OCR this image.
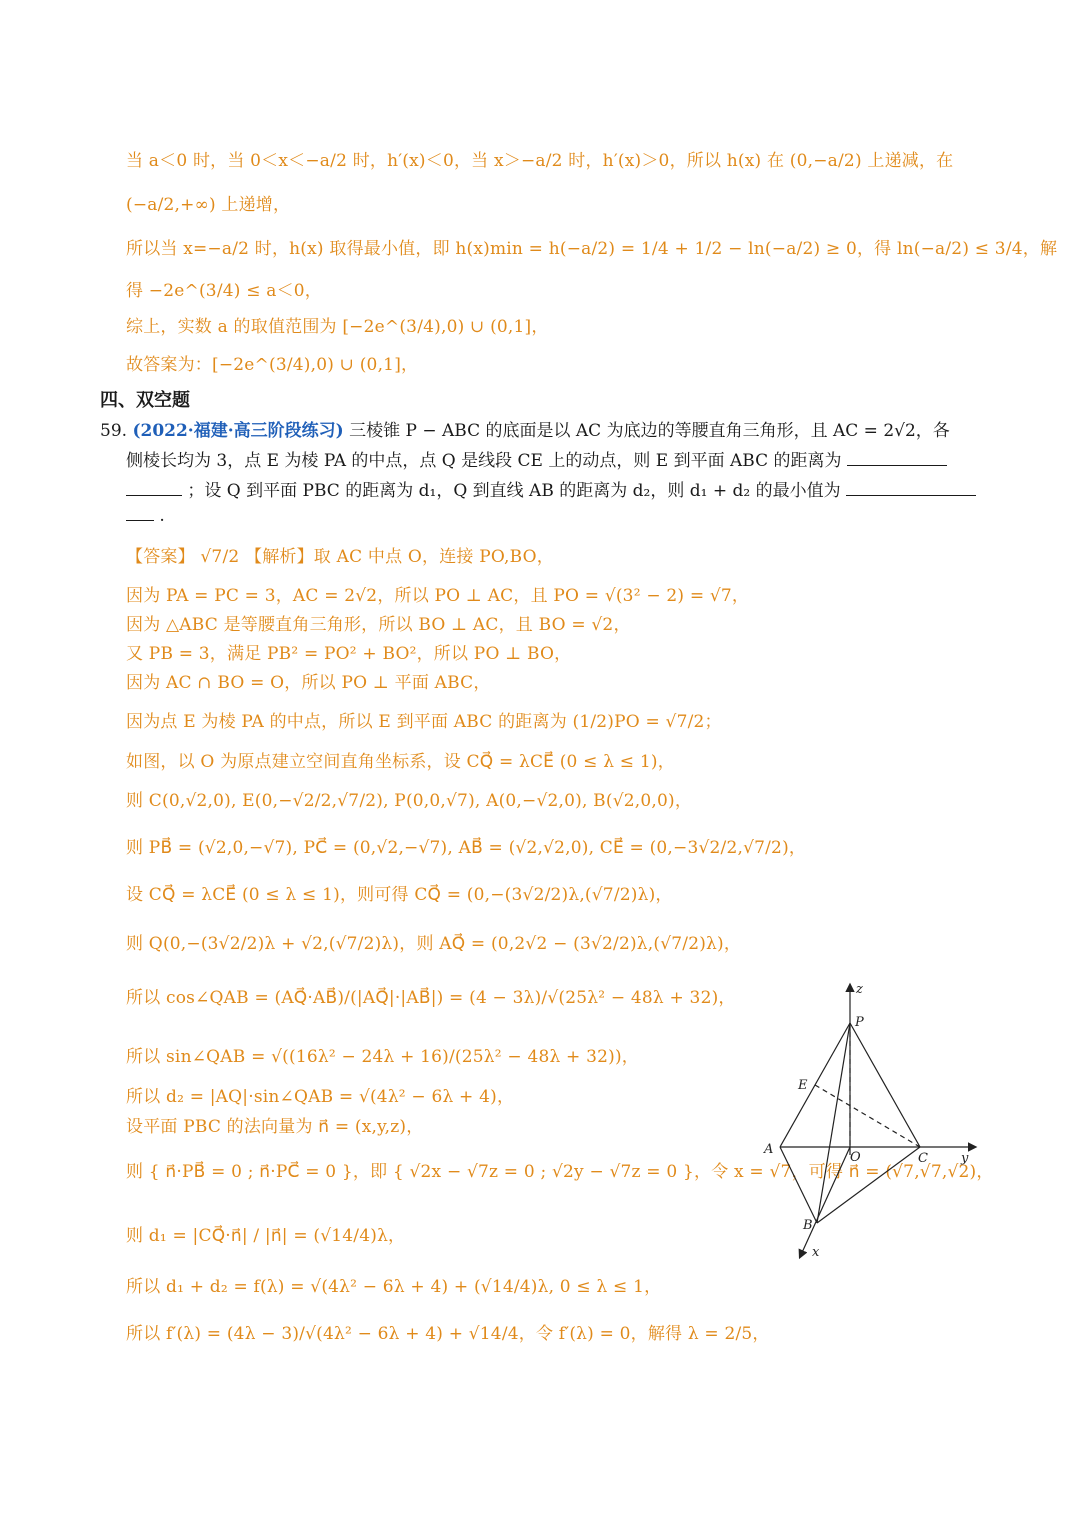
当 a＜0 时，当 0＜x＜−a/2 时，h′(x)＜0，当 x＞−a/2 时，h′(x)＞0，所以 h(x) 在 (0,−a/2) 上递减，在
(−a/2,+∞) 上递增，
所以当 x=−a/2 时，h(x) 取得最小值，即 h(x)min = h(−a/2) = 1/4 + 1/2 − ln(−a/2) ≥ 0，得 ln(−a/2) ≤ 3/4，解
得 −2e^(3/4) ≤ a＜0，
综上，实数 a 的取值范围为 [−2e^(3/4),0) ∪ (0,1]，
故答案为：[−2e^(3/4),0) ∪ (0,1]，
四、双空题
59. (2022·福建·高三阶段练习) 三棱锥 P − ABC 的底面是以 AC 为底边的等腰直角三角形，且 AC = 2√2，各
侧棱长均为 3，点 E 为棱 PA 的中点，点 Q 是线段 CE 上的动点，则 E 到平面 ABC 的距离为
；设 Q 到平面 PBC 的距离为 d₁，Q 到直线 AB 的距离为 d₂，则 d₁ + d₂ 的最小值为
.
【答案】 √7/2 【解析】取 AC 中点 O，连接 PO,BO，
因为 PA = PC = 3，AC = 2√2，所以 PO ⊥ AC，且 PO = √(3² − 2) = √7，
因为 △ABC 是等腰直角三角形，所以 BO ⊥ AC，且 BO = √2，
又 PB = 3，满足 PB² = PO² + BO²，所以 PO ⊥ BO，
因为 AC ∩ BO = O，所以 PO ⊥ 平面 ABC，
因为点 E 为棱 PA 的中点，所以 E 到平面 ABC 的距离为 (1/2)PO = √7/2；
如图，以 O 为原点建立空间直角坐标系，设 CQ⃗ = λCE⃗ (0 ≤ λ ≤ 1)，
则 C(0,√2,0), E(0,−√2/2,√7/2), P(0,0,√7), A(0,−√2,0), B(√2,0,0)，
则 PB⃗ = (√2,0,−√7), PC⃗ = (0,√2,−√7), AB⃗ = (√2,√2,0), CE⃗ = (0,−3√2/2,√7/2)，
设 CQ⃗ = λCE⃗ (0 ≤ λ ≤ 1)，则可得 CQ⃗ = (0,−(3√2/2)λ,(√7/2)λ)，
则 Q(0,−(3√2/2)λ + √2,(√7/2)λ)，则 AQ⃗ = (0,2√2 − (3√2/2)λ,(√7/2)λ)，
所以 cos∠QAB = (AQ⃗·AB⃗)/(|AQ⃗|·|AB⃗|) = (4 − 3λ)/√(25λ² − 48λ + 32)，
所以 sin∠QAB = √((16λ² − 24λ + 16)/(25λ² − 48λ + 32))，
所以 d₂ = |AQ|·sin∠QAB = √(4λ² − 6λ + 4)，
设平面 PBC 的法向量为 n⃗ = (x,y,z)，
则 { n⃗·PB⃗ = 0 ; n⃗·PC⃗ = 0 }，即 { √2x − √7z = 0 ; √2y − √7z = 0 }，令 x = √7，可得 n⃗ = (√7,√7,√2)，
则 d₁ = |CQ⃗·n⃗| / |n⃗| = (√14/4)λ，
所以 d₁ + d₂ = f(λ) = √(4λ² − 6λ + 4) + (√14/4)λ, 0 ≤ λ ≤ 1，
所以 f′(λ) = (4λ − 3)/√(4λ² − 6λ + 4) + √14/4，令 f′(λ) = 0，解得 λ = 2/5，
z
P
E
A
O	C	y
B
x
